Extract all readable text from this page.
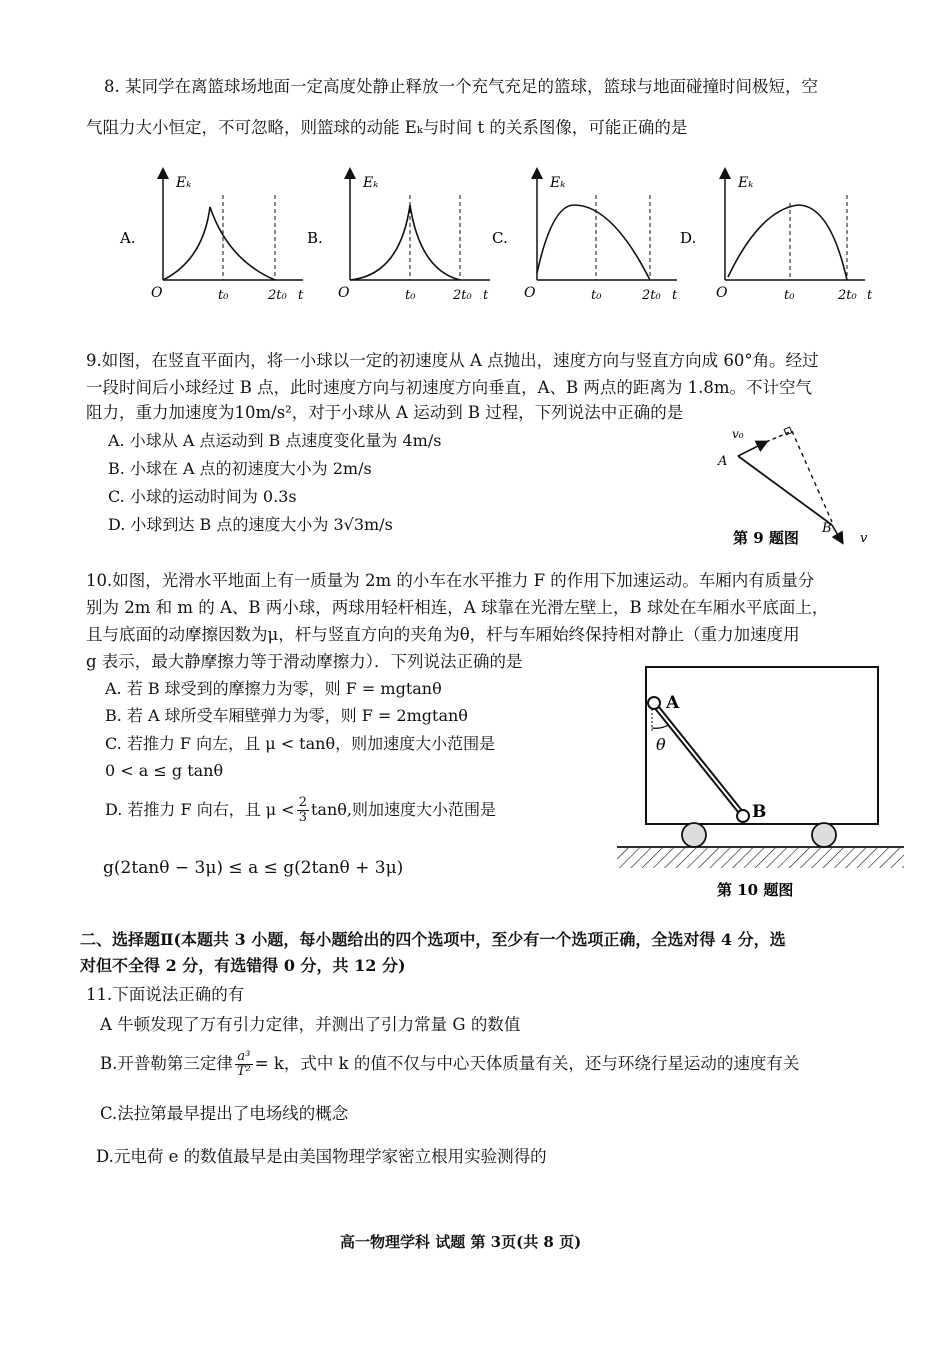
8. 某同学在离篮球场地面一定高度处静止释放一个充气充足的篮球，篮球与地面碰撞时间极短，空
气阻力大小恒定，不可忽略，则篮球的动能 Eₖ与时间 t 的关系图像，可能正确的是
A.
Eₖ
O	t₀	2t₀ t
B.
Eₖ
O	t₀	2t₀ t
C.
Eₖ
O	t₀	2t₀ t
D.
Eₖ
O	t₀	2t₀ t
9.如图，在竖直平面内，将一小球以一定的初速度从 A 点抛出，速度方向与竖直方向成 60°角。经过
一段时间后小球经过 B 点，此时速度方向与初速度方向垂直，A、B 两点的距离为 1.8m。不计空气
阻力，重力加速度为10m/s²，对于小球从 A 运动到 B 过程，下列说法中正确的是
A. 小球从 A 点运动到 B 点速度变化量为 4m/s
B. 小球在 A 点的初速度大小为 2m/s
C. 小球的运动时间为 0.3s
D. 小球到达 B 点的速度大小为 3√3m/s
v₀
A
B
v
第 9 题图
10.如图，光滑水平地面上有一质量为 2m 的小车在水平推力 F 的作用下加速运动。车厢内有质量分
别为 2m 和 m 的 A、B 两小球，两球用轻杆相连，A 球靠在光滑左壁上，B 球处在车厢水平底面上，
且与底面的动摩擦因数为μ，杆与竖直方向的夹角为θ，杆与车厢始终保持相对静止（重力加速度用
g 表示，最大静摩擦力等于滑动摩擦力）．下列说法正确的是
A. 若 B 球受到的摩擦力为零，则 F = mgtanθ
B. 若 A 球所受车厢壁弹力为零，则 F = 2mgtanθ
C. 若推力 F 向左，且 μ < tanθ，则加速度大小范围是
0 < a ≤ g tanθ
D. 若推力 F 向右，且 $\mu < \frac{2}{3} \tan\theta$,则加速度大小范围是
g(2tanθ − 3μ) ≤ a ≤ g(2tanθ + 3μ)
A
B
θ
第 10 题图
二、选择题Ⅱ(本题共 3 小题，每小题给出的四个选项中，至少有一个选项正确，全选对得 4 分，选
对但不全得 2 分，有选错得 0 分，共 12 分)
11.下面说法正确的有
A 牛顿发现了万有引力定律，并测出了引力常量 G 的数值
B.开普勒第三定律 $\frac{\text{a³}}{\text{T²}} = k$，式中 k 的值不仅与中心天体质量有关，还与环绕行星运动的速度有关
C.法拉第最早提出了电场线的概念
D.元电荷 e 的数值最早是由美国物理学家密立根用实验测得的
高一物理学科 试题 第 3页(共 8 页)
